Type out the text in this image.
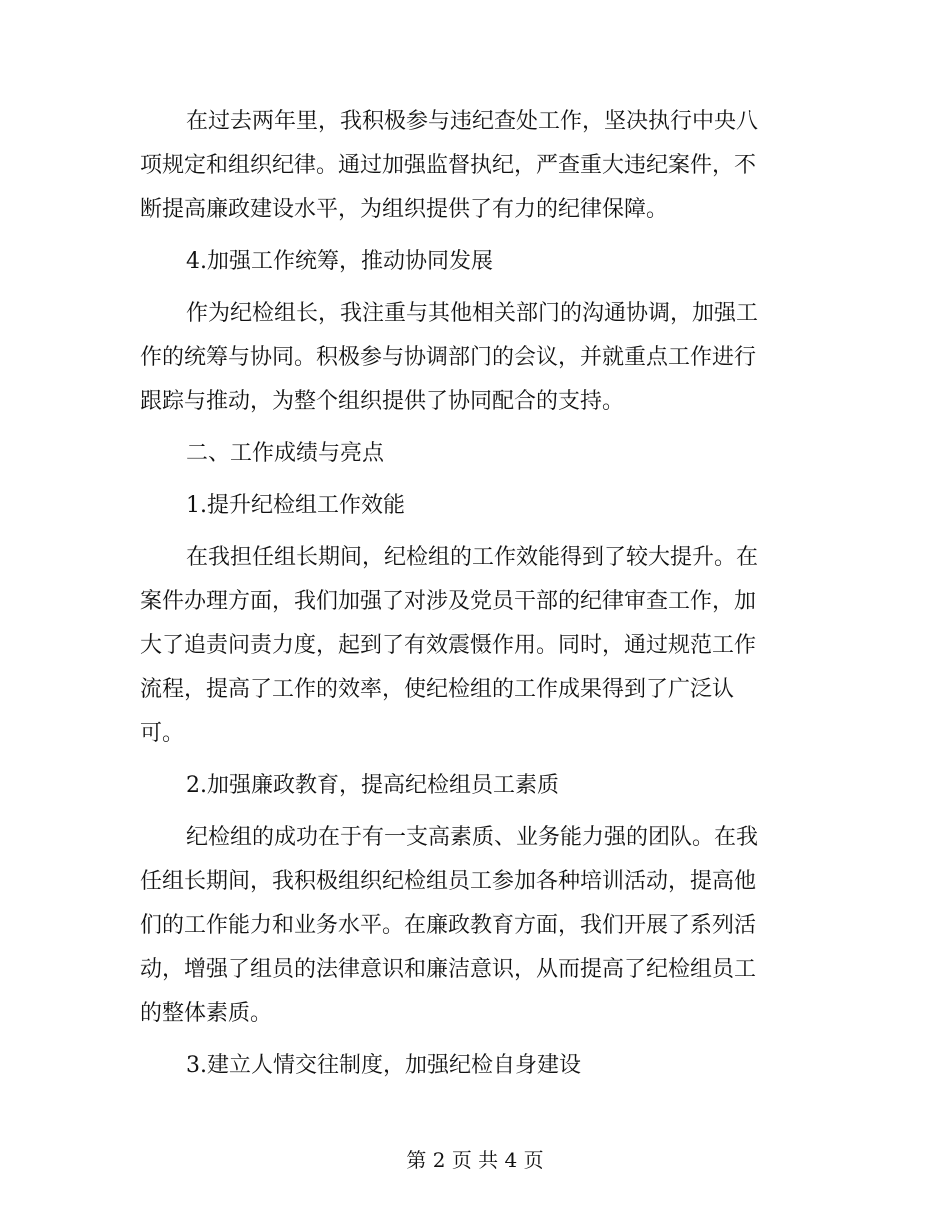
在过去两年里，我积极参与违纪查处工作，坚决执行中央八
项规定和组织纪律。通过加强监督执纪，严查重大违纪案件，不
断提高廉政建设水平，为组织提供了有力的纪律保障。
4.加强工作统筹，推动协同发展
作为纪检组长，我注重与其他相关部门的沟通协调，加强工
作的统筹与协同。积极参与协调部门的会议，并就重点工作进行
跟踪与推动，为整个组织提供了协同配合的支持。
二、工作成绩与亮点
1.提升纪检组工作效能
在我担任组长期间，纪检组的工作效能得到了较大提升。在
案件办理方面，我们加强了对涉及党员干部的纪律审查工作，加
大了追责问责力度，起到了有效震慑作用。同时，通过规范工作
流程，提高了工作的效率，使纪检组的工作成果得到了广泛认
可。
2.加强廉政教育，提高纪检组员工素质
纪检组的成功在于有一支高素质、业务能力强的团队。在我
任组长期间，我积极组织纪检组员工参加各种培训活动，提高他
们的工作能力和业务水平。在廉政教育方面，我们开展了系列活
动，增强了组员的法律意识和廉洁意识，从而提高了纪检组员工
的整体素质。
3.建立人情交往制度，加强纪检自身建设
第 2 页 共 4 页
